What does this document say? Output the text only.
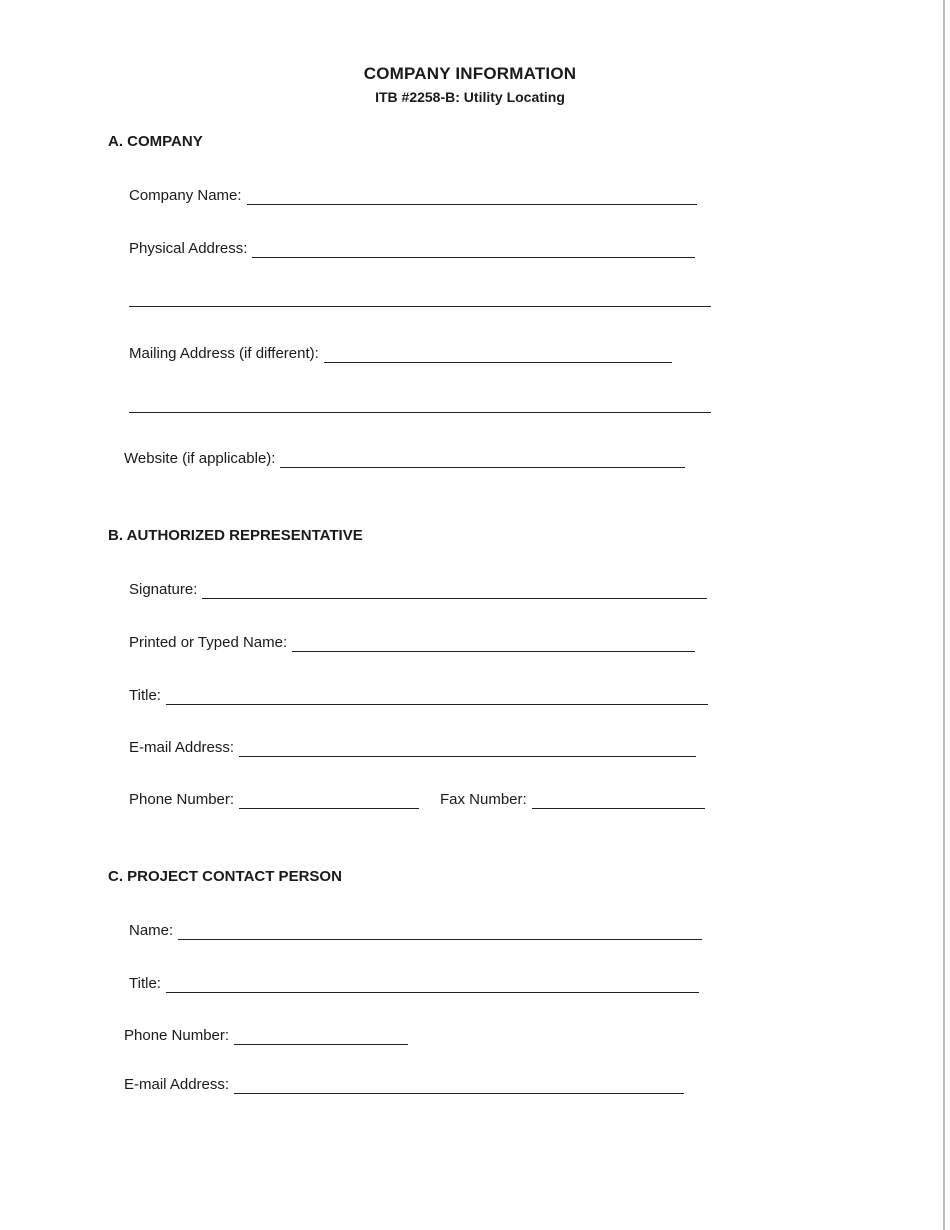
COMPANY INFORMATION
ITB #2258-B: Utility Locating
A. COMPANY
Company Name:
Physical Address:
Mailing Address (if different):
Website (if applicable):
B. AUTHORIZED REPRESENTATIVE
Signature:
Printed or Typed Name:
Title:
E-mail Address:
Phone Number:	Fax Number:
C. PROJECT CONTACT PERSON
Name:
Title:
Phone Number:
E-mail Address:
